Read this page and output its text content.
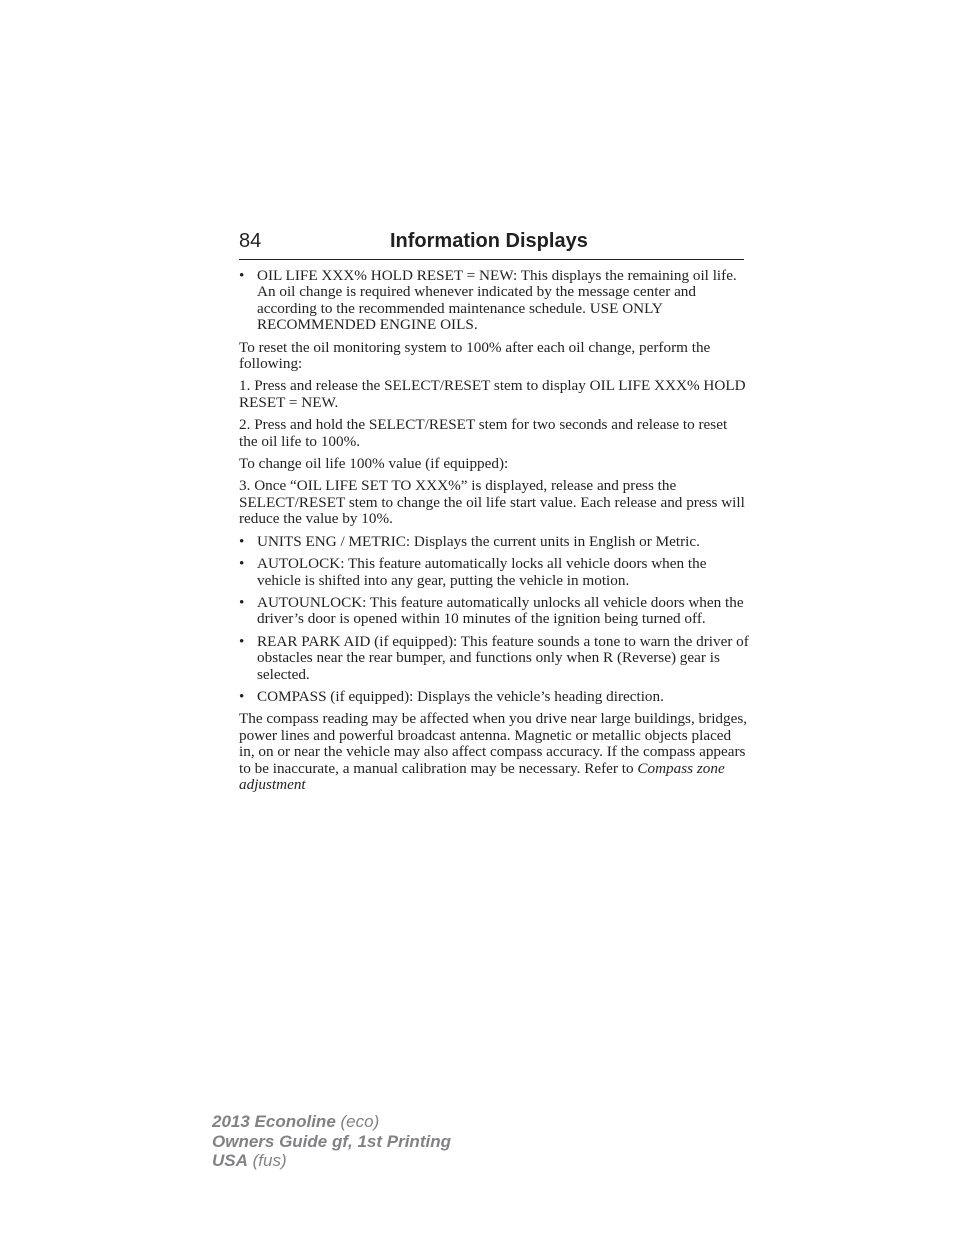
84	Information Displays
• OIL LIFE XXX% HOLD RESET = NEW: This displays the remaining oil life. An oil change is required whenever indicated by the message center and according to the recommended maintenance schedule. USE ONLY RECOMMENDED ENGINE OILS.

To reset the oil monitoring system to 100% after each oil change, perform the following:

1. Press and release the SELECT/RESET stem to display OIL LIFE XXX% HOLD RESET = NEW.

2. Press and hold the SELECT/RESET stem for two seconds and release to reset the oil life to 100%.

To change oil life 100% value (if equipped):

3. Once “OIL LIFE SET TO XXX%” is displayed, release and press the SELECT/RESET stem to change the oil life start value. Each release and press will reduce the value by 10%.

• UNITS ENG / METRIC: Displays the current units in English or Metric.
• AUTOLOCK: This feature automatically locks all vehicle doors when the vehicle is shifted into any gear, putting the vehicle in motion.
• AUTOUNLOCK: This feature automatically unlocks all vehicle doors when the driver’s door is opened within 10 minutes of the ignition being turned off.
• REAR PARK AID (if equipped): This feature sounds a tone to warn the driver of obstacles near the rear bumper, and functions only when R (Reverse) gear is selected.
• COMPASS (if equipped): Displays the vehicle’s heading direction.

The compass reading may be affected when you drive near large buildings, bridges, power lines and powerful broadcast antenna. Magnetic or metallic objects placed in, on or near the vehicle may also affect compass accuracy. If the compass appears to be inaccurate, a manual calibration may be necessary. Refer to Compass zone adjustment

2013 Econoline (eco)
Owners Guide gf, 1st Printing
USA (fus)
